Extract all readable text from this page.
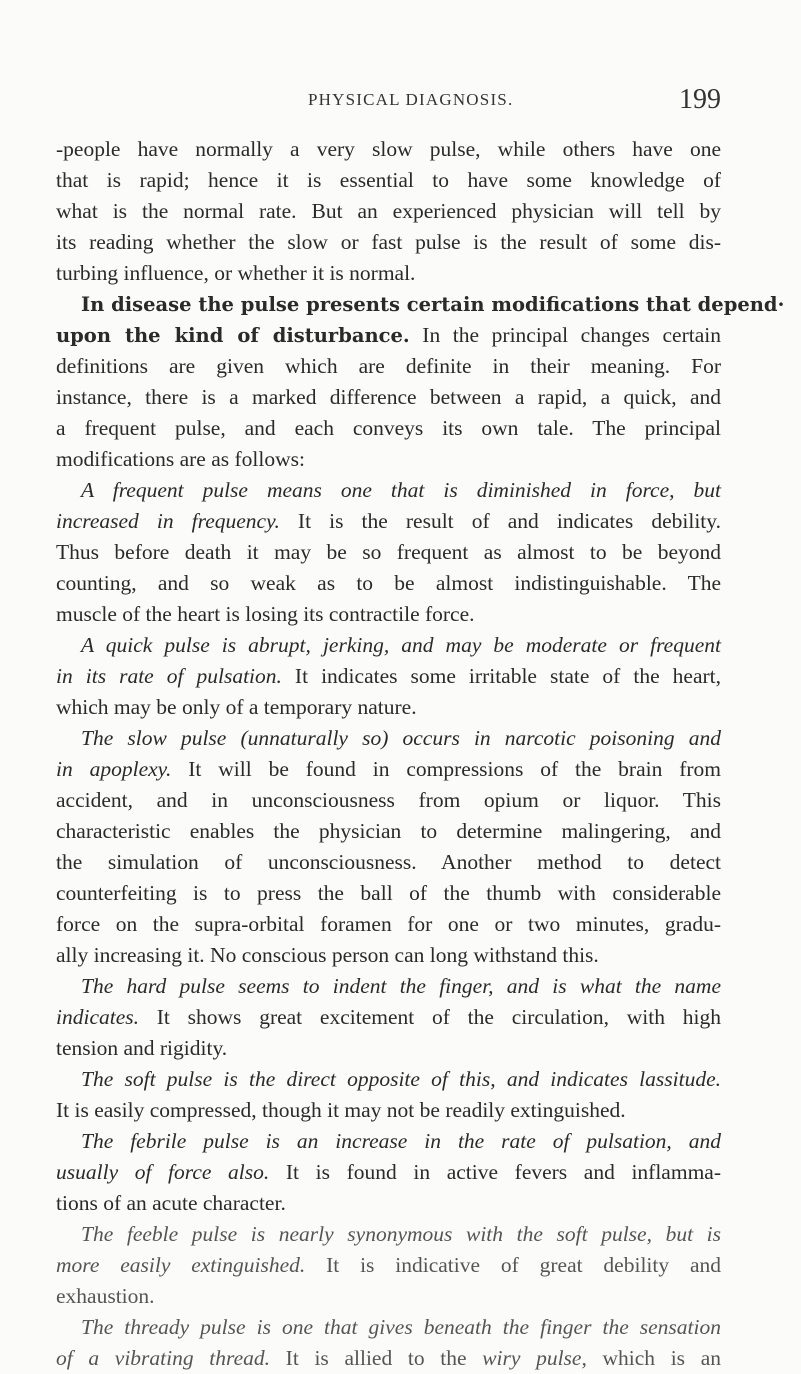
PHYSICAL DIAGNOSIS.	199
-people have normally a very slow pulse, while others have one
that is rapid; hence it is essential to have some knowledge of
what is the normal rate. But an experienced physician will tell by
its reading whether the slow or fast pulse is the result of some dis-
turbing influence, or whether it is normal.
In disease the pulse presents certain modifications that depend·
upon the kind of disturbance. In the principal changes certain
definitions are given which are definite in their meaning. For
instance, there is a marked difference between a rapid, a quick, and
a frequent pulse, and each conveys its own tale. The principal
modifications are as follows:
A frequent pulse means one that is diminished in force, but
increased in frequency. It is the result of and indicates debility.
Thus before death it may be so frequent as almost to be beyond
counting, and so weak as to be almost indistinguishable. The
muscle of the heart is losing its contractile force.
A quick pulse is abrupt, jerking, and may be moderate or frequent
in its rate of pulsation. It indicates some irritable state of the heart,
which may be only of a temporary nature.
The slow pulse (unnaturally so) occurs in narcotic poisoning and
in apoplexy. It will be found in compressions of the brain from
accident, and in unconsciousness from opium or liquor. This
characteristic enables the physician to determine malingering, and
the simulation of unconsciousness. Another method to detect
counterfeiting is to press the ball of the thumb with considerable
force on the supra-orbital foramen for one or two minutes, gradu-
ally increasing it. No conscious person can long withstand this.
The hard pulse seems to indent the finger, and is what the name
indicates. It shows great excitement of the circulation, with high
tension and rigidity.
The soft pulse is the direct opposite of this, and indicates lassitude.
It is easily compressed, though it may not be readily extinguished.
The febrile pulse is an increase in the rate of pulsation, and
usually of force also. It is found in active fevers and inflamma-
tions of an acute character.
The feeble pulse is nearly synonymous with the soft pulse, but is
more easily extinguished. It is indicative of great debility and
exhaustion.
The thready pulse is one that gives beneath the finger the sensation
of a vibrating thread. It is allied to the wiry pulse, which is an
